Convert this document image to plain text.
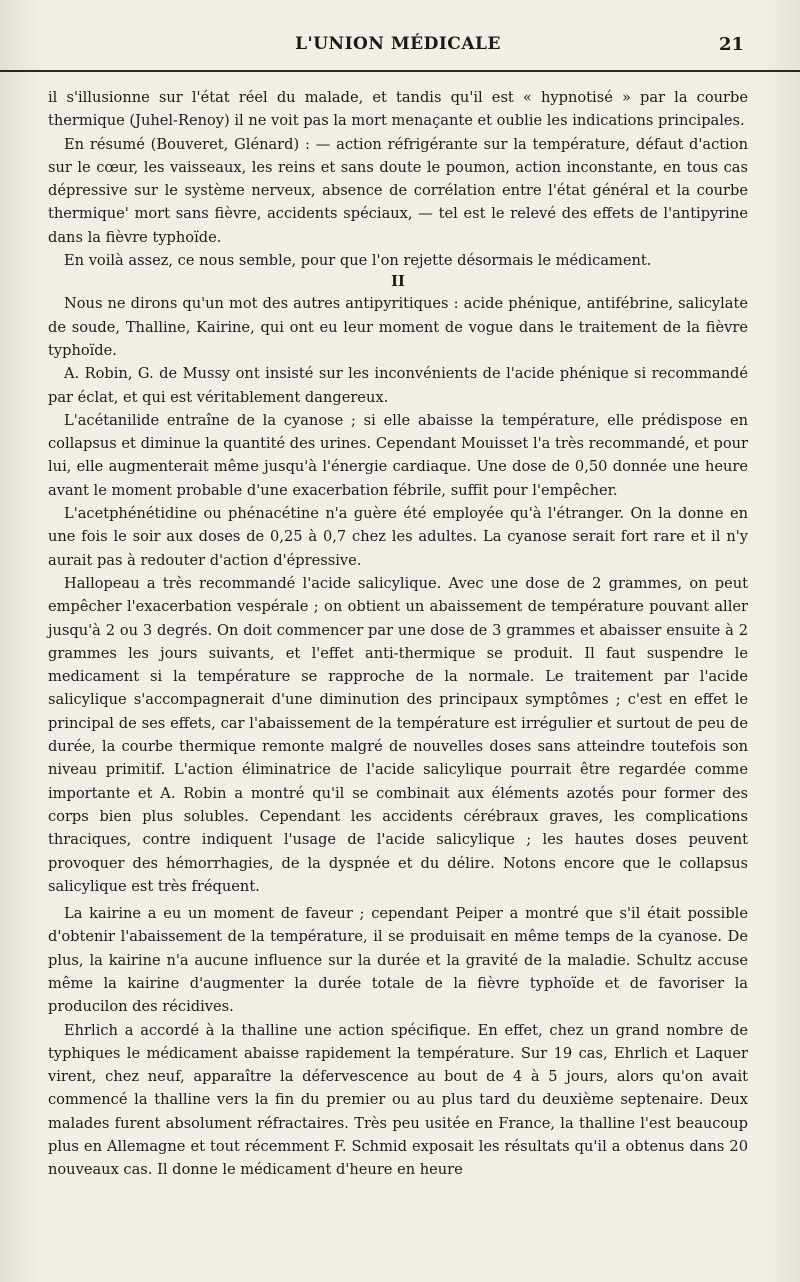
L'UNION MÉDICALE	21

il s'illusionne sur l'état réel du malade, et tandis qu'il est « hypnotisé » par la courbe thermique (Juhel-Renoy) il ne voit pas la mort menaçante et oublie les indications principales.

En résumé (Bouveret, Glénard) : — action réfrigérante sur la température, défaut d'action sur le cœur, les vaisseaux, les reins et sans doute le poumon, action inconstante, en tous cas dépressive sur le système nerveux, absence de corrélation entre l'état général et la courbe thermique' mort sans fièvre, accidents spéciaux, — tel est le relevé des effets de l'antipyrine dans la fièvre typhoïde.

En voilà assez, ce nous semble, pour que l'on rejette désormais le médicament.

II

Nous ne dirons qu'un mot des autres antipyritiques : acide phénique, antifébrine, salicylate de soude, Thalline, Kairine, qui ont eu leur moment de vogue dans le traitement de la fièvre typhoïde.

A. Robin, G. de Mussy ont insisté sur les inconvénients de l'acide phénique si recommandé par éclat, et qui est véritablement dangereux.

L'acétanilide entraîne de la cyanose ; si elle abaisse la température, elle prédispose en collapsus et diminue la quantité des urines. Cependant Mouisset l'a très recommandé, et pour lui, elle augmenterait même jusqu'à l'énergie cardiaque. Une dose de 0,50 donnée une heure avant le moment probable d'une exacerbation fébrile, suffit pour l'empêcher.

L'acetphénétidine ou phénacétine n'a guère été employée qu'à l'étranger. On la donne en une fois le soir aux doses de 0,25 à 0,7 chez les adultes. La cyanose serait fort rare et il n'y aurait pas à redouter d'action d'épressive.

Hallopeau a très recommandé l'acide salicylique. Avec une dose de 2 grammes, on peut empêcher l'exacerbation vespérale ; on obtient un abaissement de température pouvant aller jusqu'à 2 ou 3 degrés. On doit commencer par une dose de 3 grammes et abaisser ensuite à 2 grammes les jours suivants, et l'effet anti-thermique se produit. Il faut suspendre le medicament si la température se rapproche de la normale. Le traitement par l'acide salicylique s'accompagnerait d'une diminution des principaux symptômes ; c'est en effet le principal de ses effets, car l'abaissement de la température est irrégulier et surtout de peu de durée, la courbe thermique remonte malgré de nouvelles doses sans atteindre toutefois son niveau primitif. L'action éliminatrice de l'acide salicylique pourrait être regardée comme importante et A. Robin a montré qu'il se combinait aux éléments azotés pour former des corps bien plus solubles. Cependant les accidents cérébraux graves, les complications thraciques, contre indiquent l'usage de l'acide salicylique ; les hautes doses peuvent provoquer des hémorrhagies, de la dyspnée et du délire. Notons encore que le collapsus salicylique est très fréquent.

La kairine a eu un moment de faveur ; cependant Peiper a montré que s'il était possible d'obtenir l'abaissement de la température, il se produisait en même temps de la cyanose. De plus, la kairine n'a aucune influence sur la durée et la gravité de la maladie. Schultz accuse même la kairine d'augmenter la durée totale de la fièvre typhoïde et de favoriser la producilon des récidives.

Ehrlich a accordé à la thalline une action spécifique. En effet, chez un grand nombre de typhiques le médicament abaisse rapidement la température. Sur 19 cas, Ehrlich et Laquer virent, chez neuf, apparaître la défervescence au bout de 4 à 5 jours, alors qu'on avait commencé la thalline vers la fin du premier ou au plus tard du deuxième septenaire. Deux malades furent absolument réfractaires. Très peu usitée en France, la thalline l'est beaucoup plus en Allemagne et tout récemment F. Schmid exposait les résultats qu'il a obtenus dans 20 nouveaux cas. Il donne le médicament d'heure en heure
